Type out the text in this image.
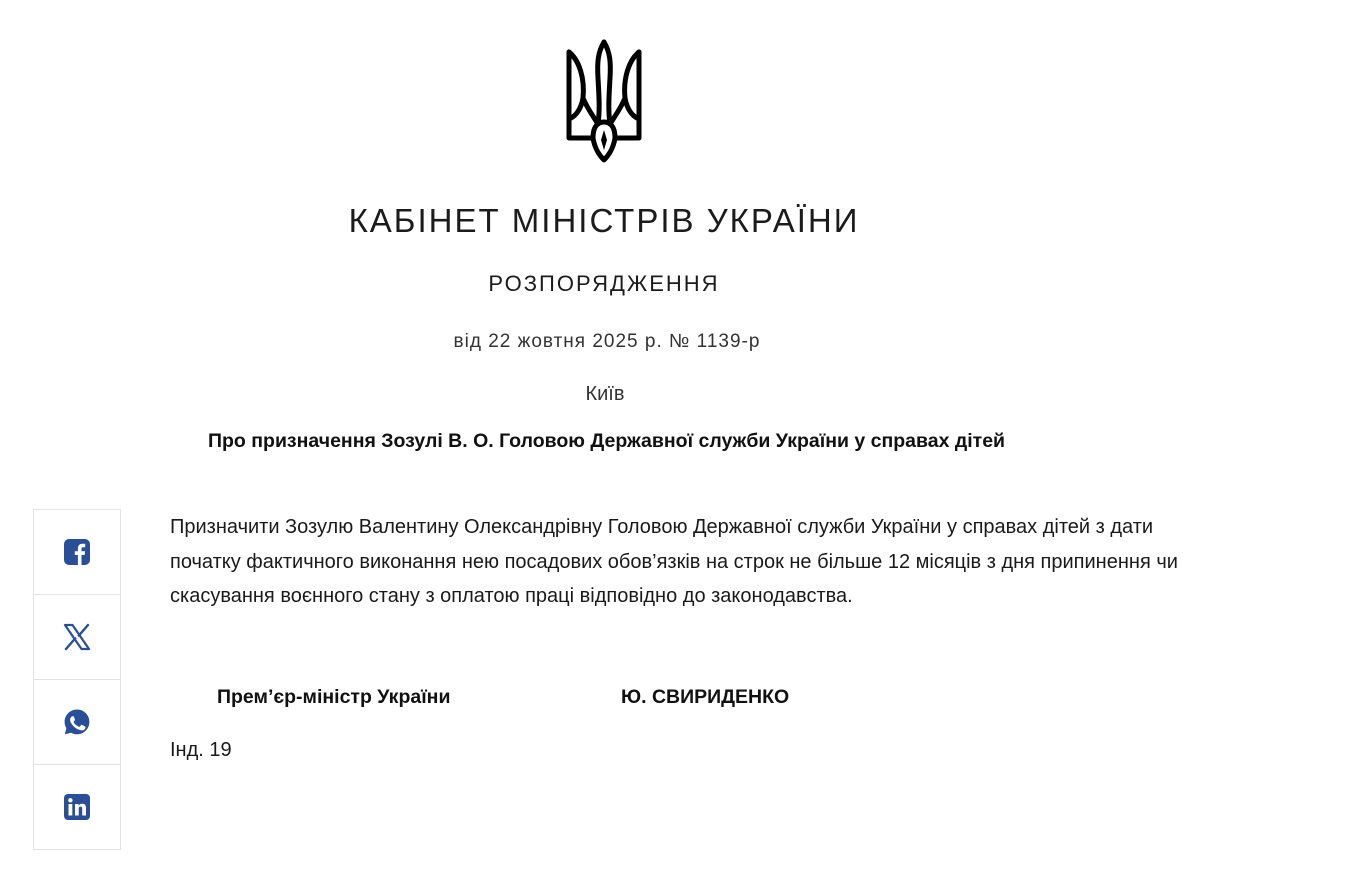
КАБІНЕТ МІНІСТРІВ УКРАЇНИ
РОЗПОРЯДЖЕННЯ
від 22 жовтня 2025 р. № 1139-р
Київ
Про призначення Зозулі В. О. Головою Державної служби України у справах дітей
Призначити Зозулю Валентину Олександрівну Головою Державної служби України у справах дітей з дати початку фактичного виконання нею посадових обов’язків на строк не більше 12 місяців з дня припинення чи скасування воєнного стану з оплатою праці відповідно до законодавства.
Прем’єр-міністр України	Ю. СВИРИДЕНКО
Інд. 19
